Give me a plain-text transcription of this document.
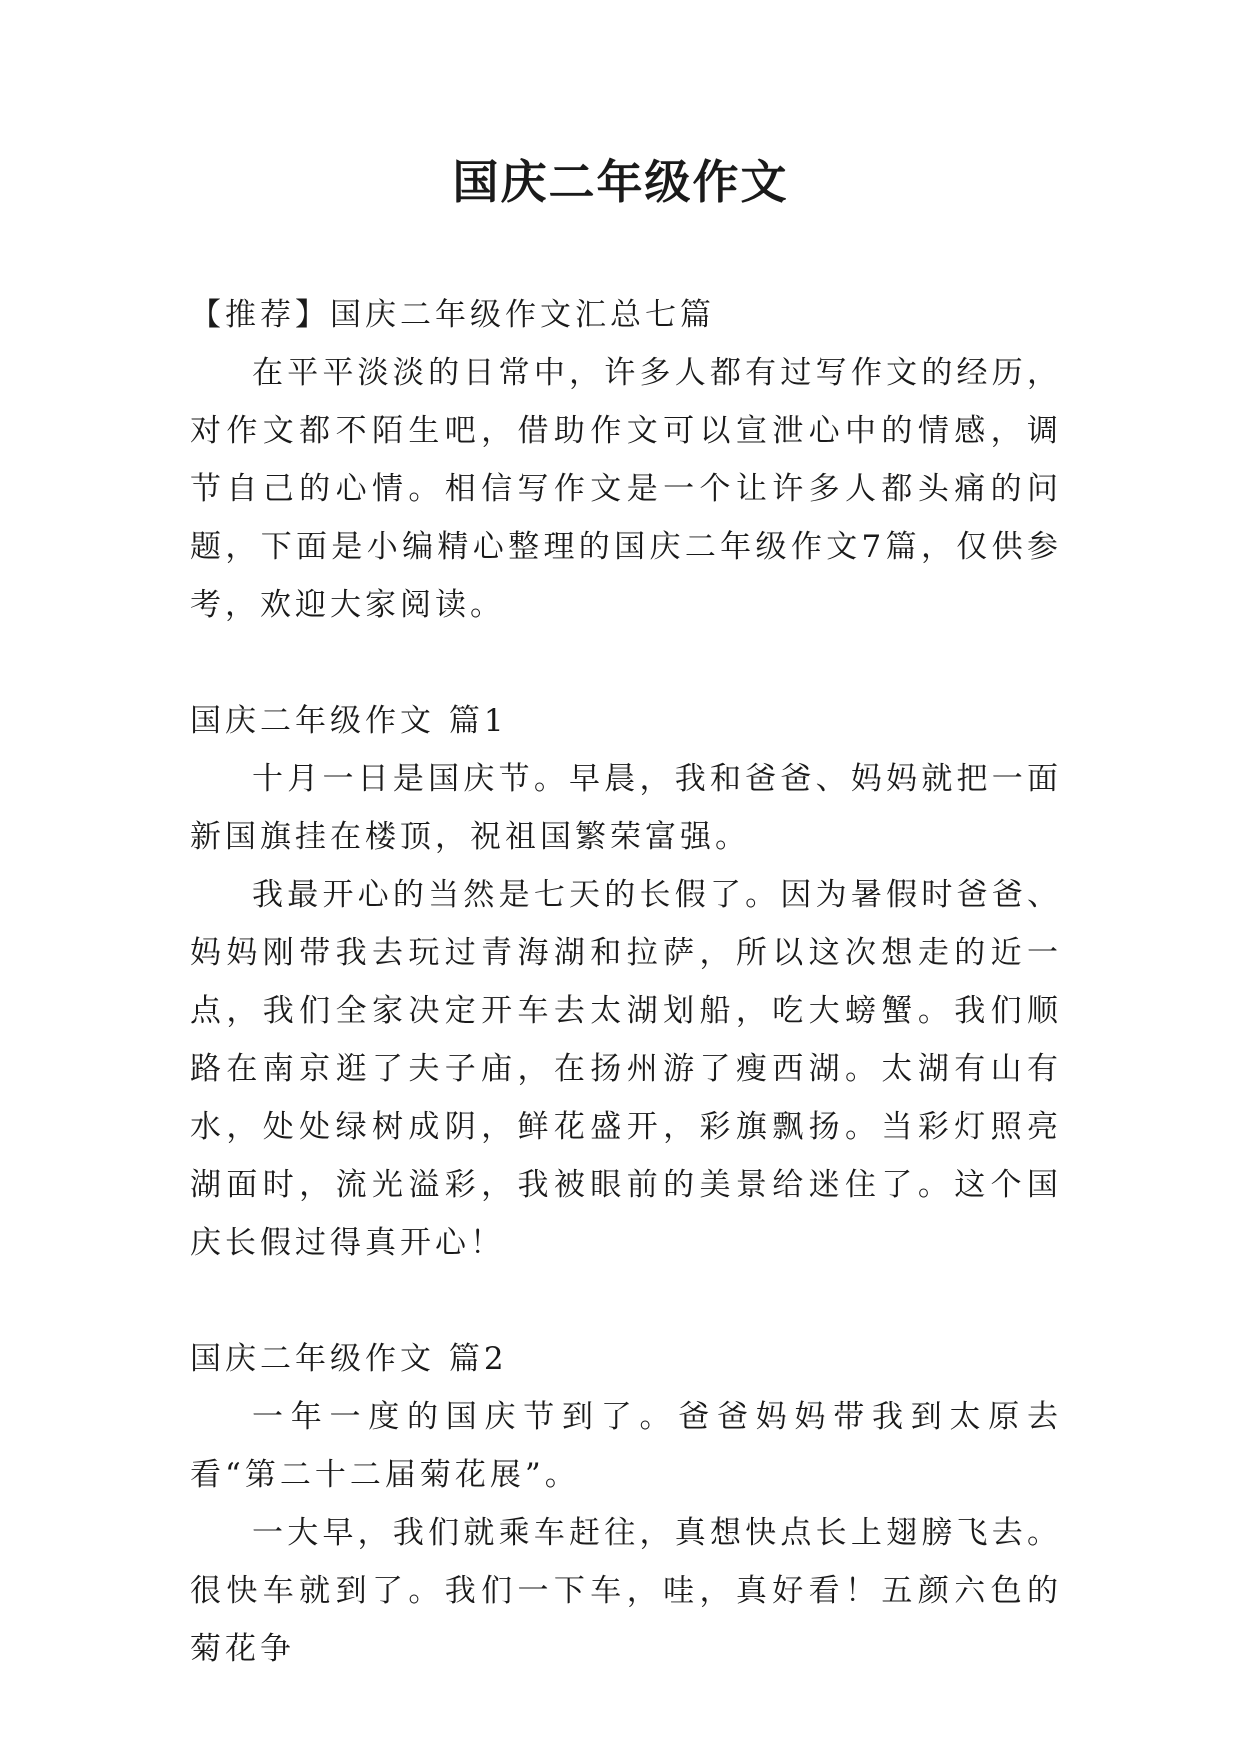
国庆二年级作文

【推荐】国庆二年级作文汇总七篇

在平平淡淡的日常中，许多人都有过写作文的经历，对作文都不陌生吧，借助作文可以宣泄心中的情感，调节自己的心情。相信写作文是一个让许多人都头痛的问题，下面是小编精心整理的国庆二年级作文7篇，仅供参考，欢迎大家阅读。

国庆二年级作文 篇1

十月一日是国庆节。早晨，我和爸爸、妈妈就把一面新国旗挂在楼顶，祝祖国繁荣富强。

我最开心的当然是七天的长假了。因为暑假时爸爸、妈妈刚带我去玩过青海湖和拉萨，所以这次想走的近一点，我们全家决定开车去太湖划船，吃大螃蟹。我们顺路在南京逛了夫子庙，在扬州游了瘦西湖。太湖有山有水，处处绿树成阴，鲜花盛开，彩旗飘扬。当彩灯照亮湖面时，流光溢彩，我被眼前的美景给迷住了。这个国庆长假过得真开心！

国庆二年级作文 篇2

一年一度的国庆节到了。爸爸妈妈带我到太原去看“第二十二届菊花展”。

一大早，我们就乘车赶往，真想快点长上翅膀飞去。很快车就到了。我们一下车，哇，真好看！五颜六色的菊花争
